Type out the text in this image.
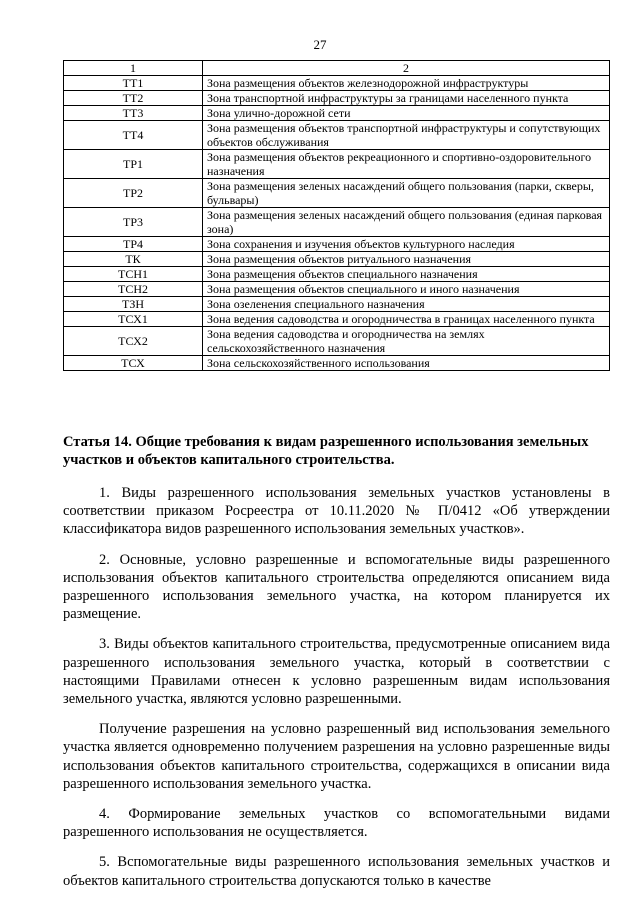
27
1	2
ТТ1	Зона размещения объектов железнодорожной инфраструктуры
ТТ2	Зона транспортной инфраструктуры за границами населенного пункта
ТТ3	Зона улично-дорожной сети
ТТ4	Зона размещения объектов транспортной инфраструктуры и сопутствующих объектов обслуживания
ТР1	Зона размещения объектов рекреационного и спортивно-оздоровительного назначения
ТР2	Зона размещения зеленых насаждений общего пользования (парки, скверы, бульвары)
ТР3	Зона размещения зеленых насаждений общего пользования (единая парковая зона)
ТР4	Зона сохранения и изучения объектов культурного наследия
ТК	Зона размещения объектов ритуального назначения
ТСН1	Зона размещения объектов специального назначения
ТСН2	Зона размещения объектов специального и иного назначения
ТЗН	Зона озеленения специального назначения
ТСХ1	Зона ведения садоводства и огородничества в границах населенного пункта
ТСХ2	Зона ведения садоводства и огородничества на землях сельскохозяйственного назначения
ТСХ	Зона сельскохозяйственного использования
Статья 14. Общие требования к видам разрешенного использования земельных участков и объектов капитального строительства.

1. Виды разрешенного использования земельных участков установлены в соответствии приказом Росреестра от 10.11.2020 № П/0412 «Об утверждении классификатора видов разрешенного использования земельных участков».

2. Основные, условно разрешенные и вспомогательные виды разрешенного использования объектов капитального строительства определяются описанием вида разрешенного использования земельного участка, на котором планируется их размещение.

3. Виды объектов капитального строительства, предусмотренные описанием вида разрешенного использования земельного участка, который в соответствии с настоящими Правилами отнесен к условно разрешенным видам использования земельного участка, являются условно разрешенными.

Получение разрешения на условно разрешенный вид использования земельного участка является одновременно получением разрешения на условно разрешенные виды использования объектов капитального строительства, содержащихся в описании вида разрешенного использования земельного участка.

4. Формирование земельных участков со вспомогательными видами разрешенного использования не осуществляется.

5. Вспомогательные виды разрешенного использования земельных участков и объектов капитального строительства допускаются только в качестве
